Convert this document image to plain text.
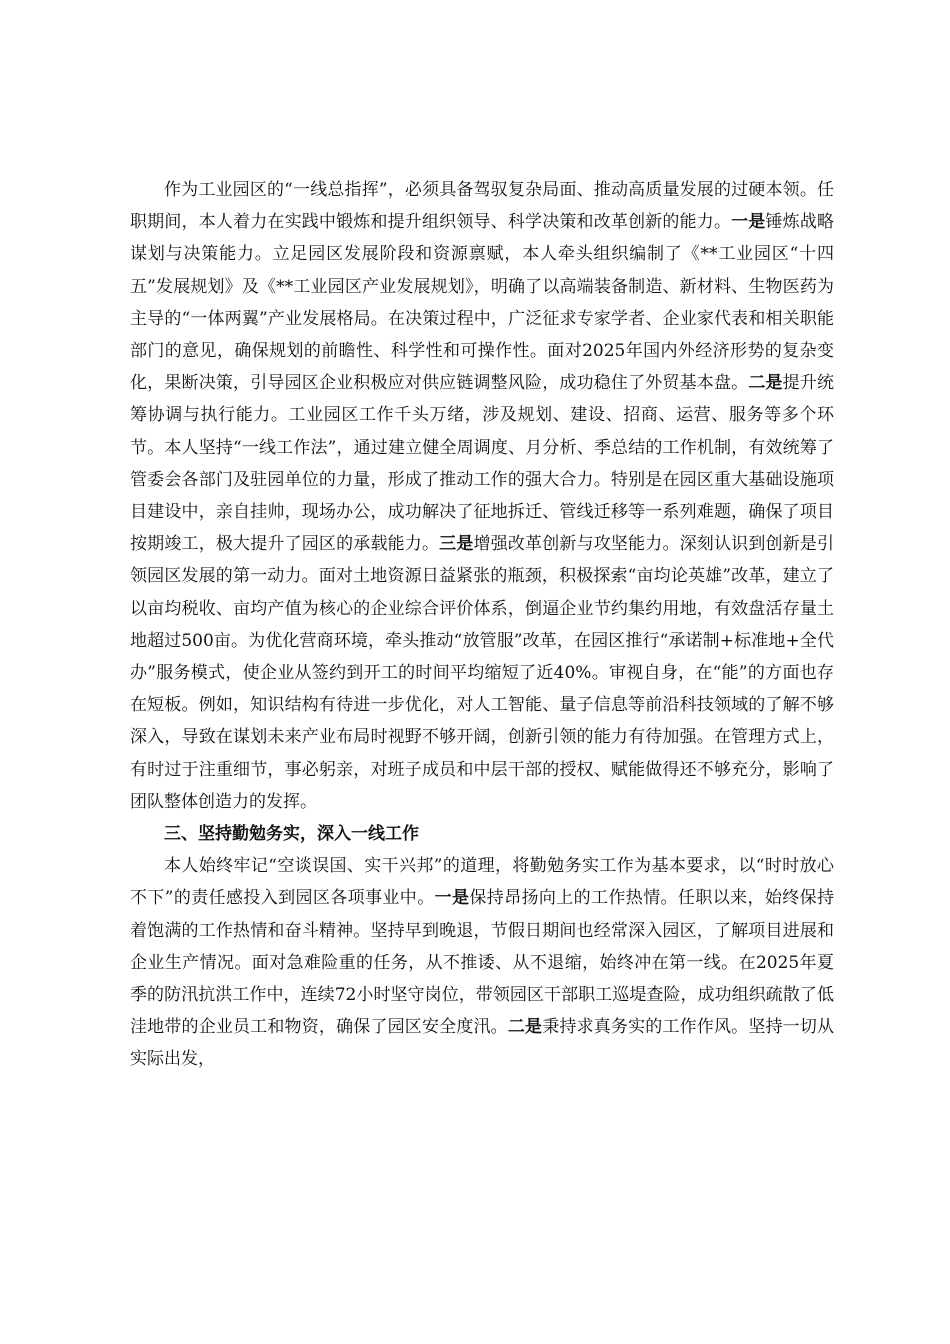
作为工业园区的“一线总指挥”，必须具备驾驭复杂局面、推动高质量发展的过硬本领。任职期间，本人着力在实践中锻炼和提升组织领导、科学决策和改革创新的能力。一是锤炼战略谋划与决策能力。立足园区发展阶段和资源禀赋，本人牵头组织编制了《**工业园区“十四五”发展规划》及《**工业园区产业发展规划》，明确了以高端装备制造、新材料、生物医药为主导的“一体两翼”产业发展格局。在决策过程中，广泛征求专家学者、企业家代表和相关职能部门的意见，确保规划的前瞻性、科学性和可操作性。面对2025年国内外经济形势的复杂变化，果断决策，引导园区企业积极应对供应链调整风险，成功稳住了外贸基本盘。二是提升统筹协调与执行能力。工业园区工作千头万绪，涉及规划、建设、招商、运营、服务等多个环节。本人坚持“一线工作法”，通过建立健全周调度、月分析、季总结的工作机制，有效统筹了管委会各部门及驻园单位的力量，形成了推动工作的强大合力。特别是在园区重大基础设施项目建设中，亲自挂帅，现场办公，成功解决了征地拆迁、管线迁移等一系列难题，确保了项目按期竣工，极大提升了园区的承载能力。三是增强改革创新与攻坚能力。深刻认识到创新是引领园区发展的第一动力。面对土地资源日益紧张的瓶颈，积极探索“亩均论英雄”改革，建立了以亩均税收、亩均产值为核心的企业综合评价体系，倒逼企业节约集约用地，有效盘活存量土地超过500亩。为优化营商环境，牵头推动“放管服”改革，在园区推行“承诺制+标准地+全代办”服务模式，使企业从签约到开工的时间平均缩短了近40%。审视自身，在“能”的方面也存在短板。例如，知识结构有待进一步优化，对人工智能、量子信息等前沿科技领域的了解不够深入，导致在谋划未来产业布局时视野不够开阔，创新引领的能力有待加强。在管理方式上，有时过于注重细节，事必躬亲，对班子成员和中层干部的授权、赋能做得还不够充分，影响了团队整体创造力的发挥。

三、坚持勤勉务实，深入一线工作

本人始终牢记“空谈误国、实干兴邦”的道理，将勤勉务实工作为基本要求，以“时时放心不下”的责任感投入到园区各项事业中。一是保持昂扬向上的工作热情。任职以来，始终保持着饱满的工作热情和奋斗精神。坚持早到晚退，节假日期间也经常深入园区，了解项目进展和企业生产情况。面对急难险重的任务，从不推诿、从不退缩，始终冲在第一线。在2025年夏季的防汛抗洪工作中，连续72小时坚守岗位，带领园区干部职工巡堤查险，成功组织疏散了低洼地带的企业员工和物资，确保了园区安全度汛。二是秉持求真务实的工作作风。坚持一切从实际出发，
